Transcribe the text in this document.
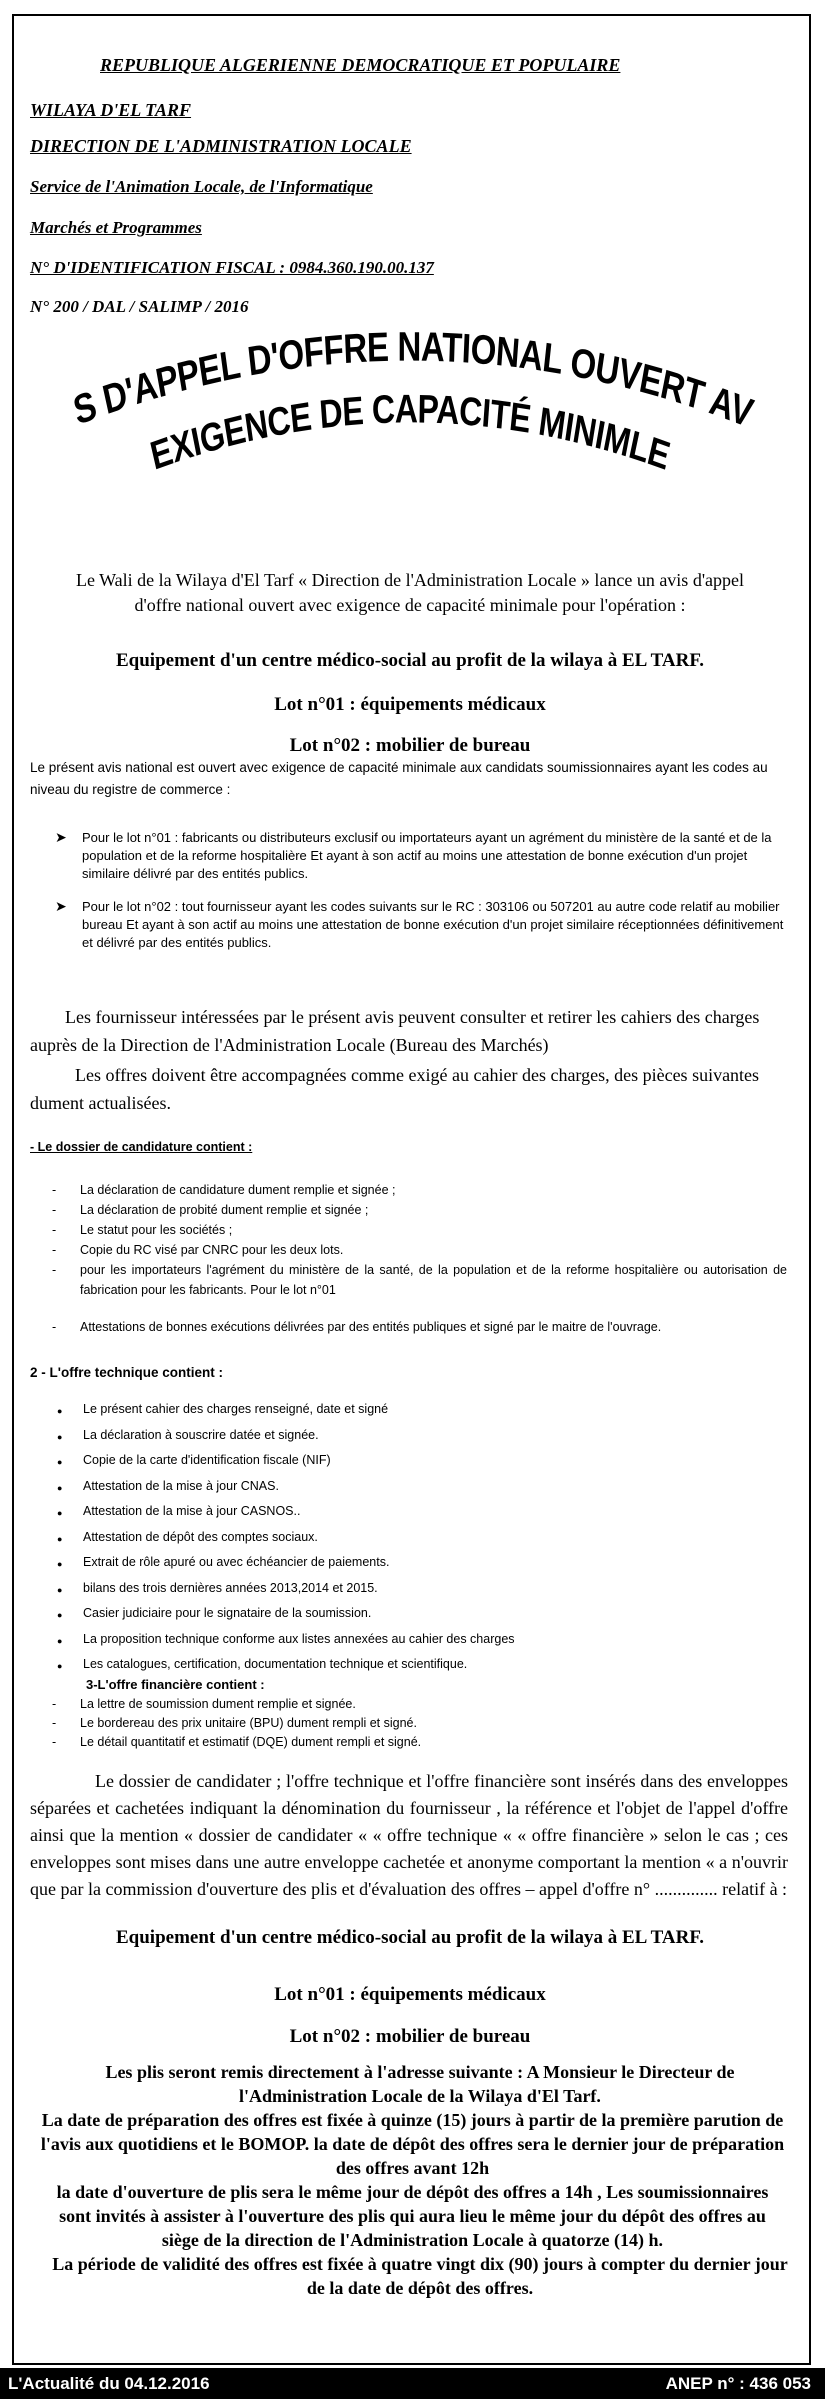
REPUBLIQUE ALGERIENNE DEMOCRATIQUE ET POPULAIRE
WILAYA D'EL TARF
DIRECTION DE L'ADMINISTRATION LOCALE
Service de l'Animation Locale, de l'Informatique
Marchés et Programmes
N° D'IDENTIFICATION FISCAL : 0984.360.190.00.137
N° 200 / DAL / SALIMP / 2016
S D'APPEL D'OFFRE NATIONAL OUVERT AV
EXIGENCE DE CAPACITÉ MINIMLE
Le Wali de la Wilaya d'El Tarf « Direction de l'Administration Locale » lance un avis d'appel d'offre national ouvert avec exigence de capacité minimale pour l'opération :
Equipement d'un centre médico-social au profit de la wilaya à EL TARF.
Lot n°01 : équipements médicaux
Lot n°02 : mobilier de bureau
Le présent avis national est ouvert avec exigence de capacité minimale aux candidats soumissionnaires ayant les codes au niveau du registre de commerce :
➤ Pour le lot n°01 : fabricants ou distributeurs exclusif ou importateurs ayant un agrément du ministère de la santé et de la population et de la reforme hospitalière Et ayant à son actif au moins une attestation de bonne exécution d'un projet similaire délivré par des entités publics.
➤ Pour le lot n°02 : tout fournisseur ayant les codes suivants sur le RC : 303106 ou 507201 au autre code relatif au mobilier bureau Et ayant à son actif au moins une attestation de bonne exécution d'un projet similaire réceptionnées définitivement et délivré par des entités publics.
Les fournisseur intéressées par le présent avis peuvent consulter et retirer les cahiers des charges auprès de la Direction de l'Administration Locale (Bureau des Marchés)
Les offres doivent être accompagnées comme exigé au cahier des charges, des pièces suivantes dument actualisées.
- Le dossier de candidature contient :
- La déclaration de candidature dument remplie et signée ;
- La déclaration de probité dument remplie et signée ;
- Le statut pour les sociétés ;
- Copie du RC visé par CNRC pour les deux lots.
- pour les importateurs l'agrément du ministère de la santé, de la population et de la reforme hospitalière ou autorisation de fabrication pour les fabricants. Pour le lot n°01
- Attestations de bonnes exécutions délivrées par des entités publiques et signé par le maitre de l'ouvrage.
2 - L'offre technique contient :
● Le présent cahier des charges renseigné, date et signé
● La déclaration à souscrire datée et signée.
● Copie de la carte d'identification fiscale (NIF)
● Attestation de la mise à jour CNAS.
● Attestation de la mise à jour CASNOS..
● Attestation de dépôt des comptes sociaux.
● Extrait de rôle apuré ou avec échéancier de paiements.
● bilans des trois dernières années 2013,2014 et 2015.
● Casier judiciaire pour le signataire de la soumission.
● La proposition technique conforme aux listes annexées au cahier des charges
● Les catalogues, certification, documentation technique et scientifique.
3-L'offre financière contient :
- La lettre de soumission dument remplie et signée.
- Le bordereau des prix unitaire (BPU) dument rempli et signé.
- Le détail quantitatif et estimatif (DQE) dument rempli et signé.
Le dossier de candidater ; l'offre technique et l'offre financière sont insérés dans des enveloppes séparées et cachetées indiquant la dénomination du fournisseur , la référence et l'objet de l'appel d'offre ainsi que la mention « dossier de candidater « « offre technique « « offre financière » selon le cas ; ces enveloppes sont mises dans une autre enveloppe cachetée et anonyme comportant la mention « a n'ouvrir que par la commission d'ouverture des plis et d'évaluation des offres – appel d'offre n° .............. relatif à :
Equipement d'un centre médico-social au profit de la wilaya à EL TARF.
Lot n°01 : équipements médicaux
Lot n°02 : mobilier de bureau
Les plis seront remis directement à l'adresse suivante : A Monsieur le Directeur de l'Administration Locale de la Wilaya d'El Tarf.
La date de préparation des offres est fixée à quinze (15) jours à partir de la première parution de l'avis aux quotidiens et le BOMOP. la date de dépôt des offres sera le dernier jour de préparation des offres avant 12h
la date d'ouverture de plis sera le même jour de dépôt des offres a 14h , Les soumissionnaires sont invités à assister à l'ouverture des plis qui aura lieu le même jour du dépôt des offres au siège de la direction de l'Administration Locale à quatorze (14) h.
La période de validité des offres est fixée à quatre vingt dix (90) jours à compter du dernier jour de la date de dépôt des offres.
L'Actualité du 04.12.2016	ANEP n° : 436 053
